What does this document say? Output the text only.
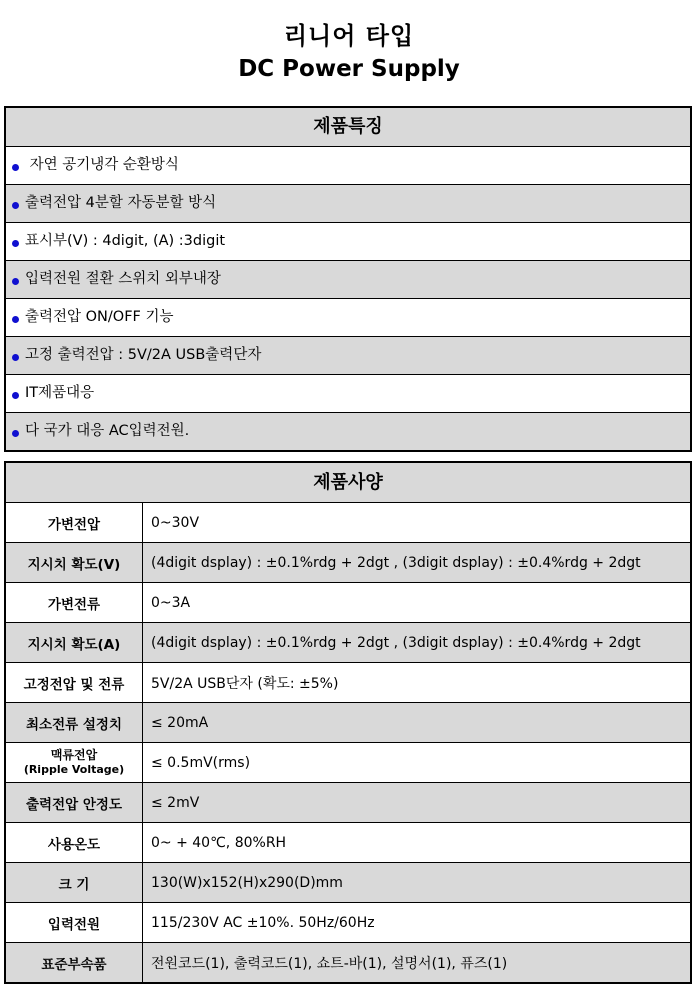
리니어 타입
DC Power Supply
제품특징
자연 공기냉각 순환방식
출력전압 4분할 자동분할 방식
표시부(V) : 4digit, (A) :3digit
입력전원 절환 스위치 외부내장
출력전압 ON/OFF 기능
고정 출력전압 : 5V/2A USB출력단자
IT제품대응
다 국가 대응 AC입력전원.
제품사양
가변전압	0~30V
지시치 확도(V)	(4digit dsplay) : ±0.1%rdg + 2dgt , (3digit dsplay) : ±0.4%rdg + 2dgt
가변전류	0~3A
지시치 확도(A)	(4digit dsplay) : ±0.1%rdg + 2dgt , (3digit dsplay) : ±0.4%rdg + 2dgt
고정전압 및 전류	5V/2A USB단자 (확도: ±5%)
최소전류 설정치	≤ 20mA
맥류전압
(Ripple Voltage)	≤ 0.5mV(rms)
출력전압 안정도	≤ 2mV
사용온도	0~ + 40℃, 80%RH
크 기	130(W)x152(H)x290(D)mm
입력전원	115/230V AC ±10%. 50Hz/60Hz
표준부속품	전원코드(1), 출력코드(1), 쇼트-바(1), 설명서(1), 퓨즈(1)
